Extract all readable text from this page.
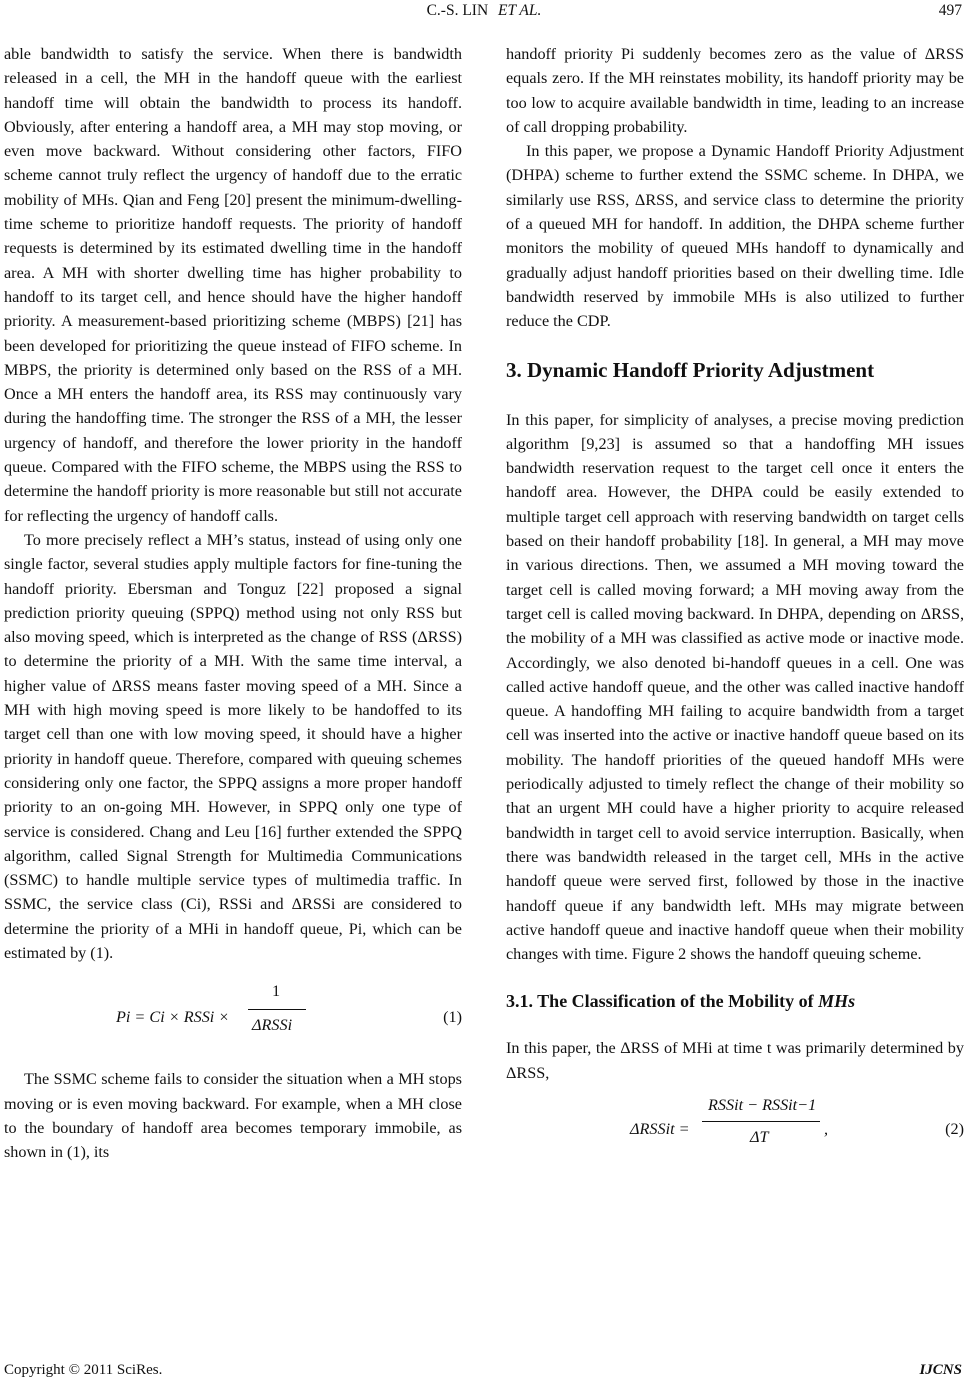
C.-S. LIN ET AL.	497

able bandwidth to satisfy the service. When there is bandwidth released in a cell, the MH in the handoff queue with the earliest handoff time will obtain the bandwidth to process its handoff. Obviously, after entering a handoff area, a MH may stop moving, or even move backward. Without considering other factors, FIFO scheme cannot truly reflect the urgency of handoff due to the erratic mobility of MHs. Qian and Feng [20] present the minimum-dwelling-time scheme to prioritize handoff requests. The priority of handoff requests is determined by its estimated dwelling time in the handoff area. A MH with shorter dwelling time has higher probability to handoff to its target cell, and hence should have the higher handoff priority. A measurement-based prioritizing scheme (MBPS) [21] has been developed for prioritizing the queue instead of FIFO scheme. In MBPS, the priority is determined only based on the RSS of a MH. Once a MH enters the handoff area, its RSS may continuously vary during the handoffing time. The stronger the RSS of a MH, the lesser urgency of handoff, and therefore the lower priority in the handoff queue. Compared with the FIFO scheme, the MBPS using the RSS to determine the handoff priority is more reasonable but still not accurate for reflecting the urgency of handoff calls.

To more precisely reflect a MH’s status, instead of using only one single factor, several studies apply multiple factors for fine-tuning the handoff priority. Ebersman and Tonguz [22] proposed a signal prediction priority queuing (SPPQ) method using not only RSS but also moving speed, which is interpreted as the change of RSS (ΔRSS) to determine the priority of a MH. With the same time interval, a higher value of ΔRSS means faster moving speed of a MH. Since a MH with high moving speed is more likely to be handoffed to its target cell than one with low moving speed, it should have a higher priority in handoff queue. Therefore, compared with queuing schemes considering only one factor, the SPPQ assigns a more proper handoff priority to an on-going MH. However, in SPPQ only one type of service is considered. Chang and Leu [16] further extended the SPPQ algorithm, called Signal Strength for Multimedia Communications (SSMC) to handle multiple service types of multimedia traffic. In SSMC, the service class (Ci), RSSi and ΔRSSi are considered to determine the priority of a MHi in handoff queue, Pi, which can be estimated by (1).

Pi = Ci × RSSi ×
1
ΔRSSi	(1)

The SSMC scheme fails to consider the situation when a MH stops moving or is even moving backward. For example, when a MH close to the boundary of handoff area becomes temporary immobile, as shown in (1), its

handoff priority Pi suddenly becomes zero as the value of ΔRSS equals zero. If the MH reinstates mobility, its handoff priority may be too low to acquire available bandwidth in time, leading to an increase of call dropping probability.

In this paper, we propose a Dynamic Handoff Priority Adjustment (DHPA) scheme to further extend the SSMC scheme. In DHPA, we similarly use RSS, ΔRSS, and service class to determine the priority of a queued MH for handoff. In addition, the DHPA scheme further monitors the mobility of queued MHs handoff to dynamically and gradually adjust handoff priorities based on their dwelling time. Idle bandwidth reserved by immobile MHs is also utilized to further reduce the CDP.

3. Dynamic Handoff Priority Adjustment

In this paper, for simplicity of analyses, a precise moving prediction algorithm [9,23] is assumed so that a handoffing MH issues bandwidth reservation request to the target cell once it enters the handoff area. However, the DHPA could be easily extended to multiple target cell approach with reserving bandwidth on target cells based on their handoff probability [18]. In general, a MH may move in various directions. Then, we assumed a MH moving toward the target cell is called moving forward; a MH moving away from the target cell is called moving backward. In DHPA, depending on ΔRSS, the mobility of a MH was classified as active mode or inactive mode. Accordingly, we also denoted bi-handoff queues in a cell. One was called active handoff queue, and the other was called inactive handoff queue. A handoffing MH failing to acquire bandwidth from a target cell was inserted into the active or inactive handoff queue based on its mobility. The handoff priorities of the queued handoff MHs were periodically adjusted to timely reflect the change of their mobility so that an urgent MH could have a higher priority to acquire released bandwidth in target cell to avoid service interruption. Basically, when there was bandwidth released in the target cell, MHs in the active handoff queue were served first, followed by those in the inactive handoff queue if any bandwidth left. MHs may migrate between active handoff queue and inactive handoff queue when their mobility changes with time. Figure 2 shows the handoff queuing scheme.

3.1. The Classification of the Mobility of MHs

In this paper, the ΔRSS of MHi at time t was primarily determined by ΔRSS,

ΔRSSit =
RSSit − RSSit−1
ΔT	,	(2)
Copyright © 2011 SciRes.	IJCNS
